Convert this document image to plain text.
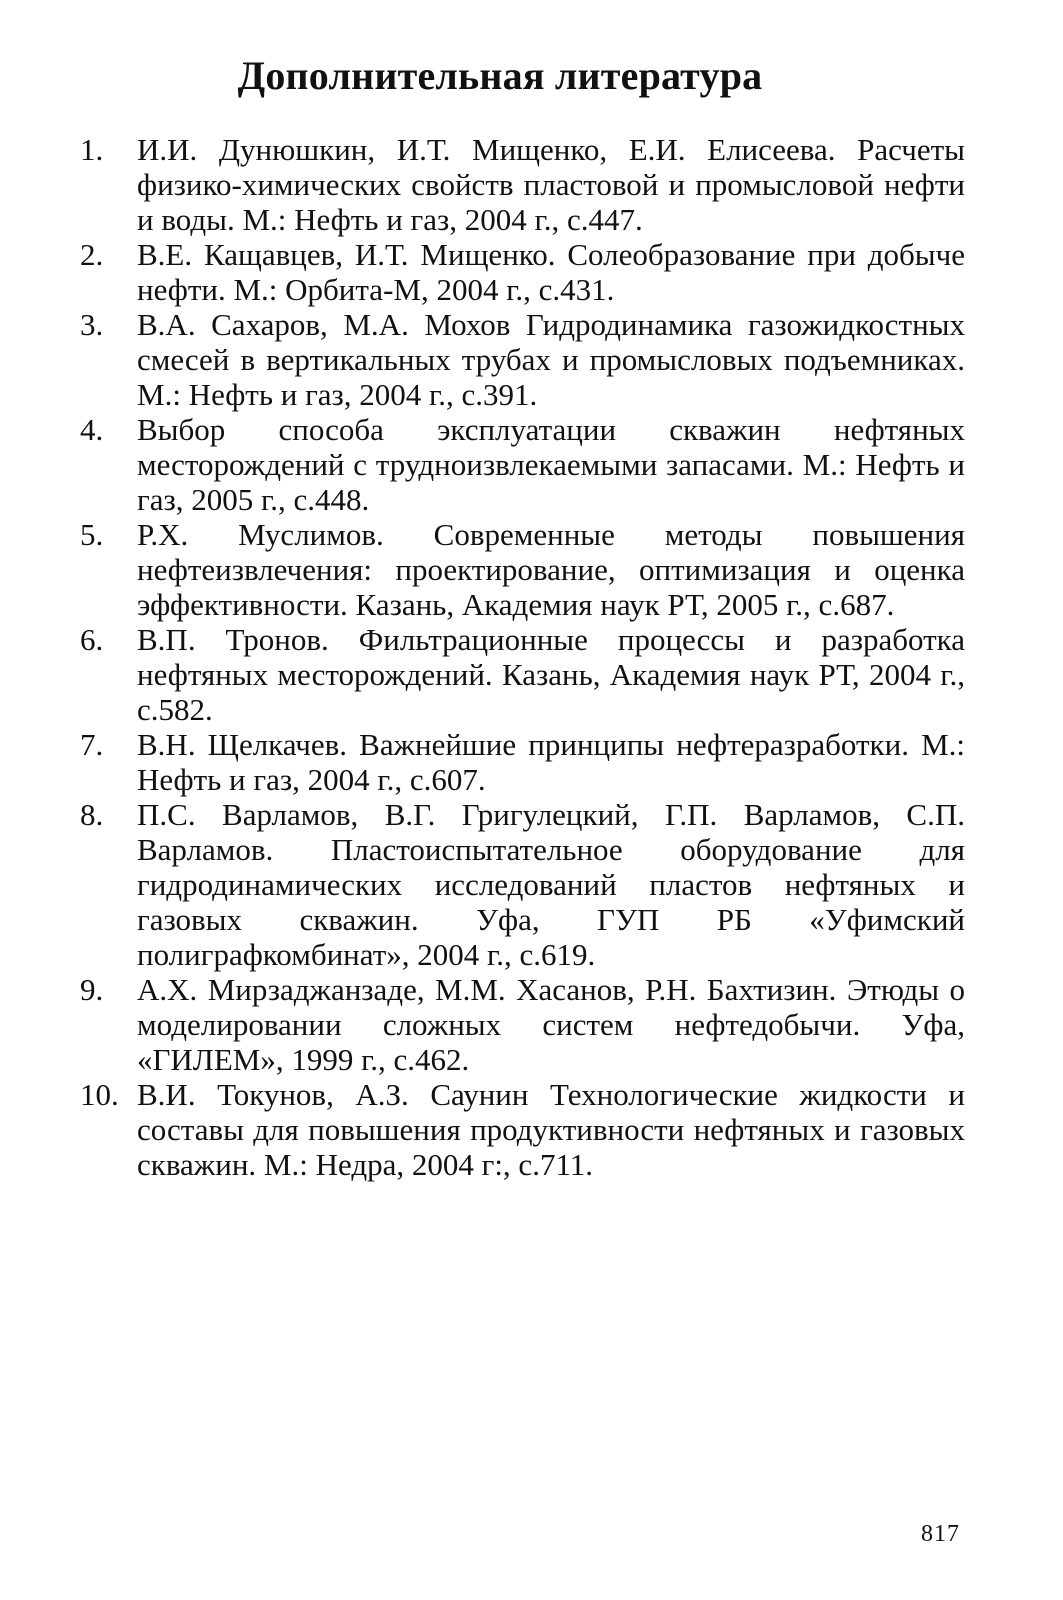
Дополнительная литература
1.	И.И. Дунюшкин, И.Т. Мищенко, Е.И. Елисеева. Расчеты физико-химических свойств пластовой и промысловой нефти и воды. М.: Нефть и газ, 2004 г., с.447.
2.	В.Е. Кащавцев, И.Т. Мищенко. Солеобразование при добыче нефти. М.: Орбита-М, 2004 г., с.431.
3.	В.А. Сахаров, М.А. Мохов Гидродинамика газожидкостных смесей в вертикальных трубах и промысловых подъемниках. М.: Нефть и газ, 2004 г., с.391.
4.	Выбор способа эксплуатации скважин нефтяных месторождений с трудноизвлекаемыми запасами. М.: Нефть и газ, 2005 г., с.448.
5.	Р.Х. Муслимов. Современные методы повышения нефтеизвлечения: проектирование, оптимизация и оценка эффективности. Казань, Академия наук РТ, 2005 г., с.687.
6.	В.П. Тронов. Фильтрационные процессы и разработка нефтяных месторождений. Казань, Академия наук РТ, 2004 г., с.582.
7.	В.Н. Щелкачев. Важнейшие принципы нефтеразработки. М.: Нефть и газ, 2004 г., с.607.
8.	П.С. Варламов, В.Г. Григулецкий, Г.П. Варламов, С.П. Варламов. Пластоиспытательное оборудование для гидродинамических исследований пластов нефтяных и газовых скважин. Уфа, ГУП РБ «Уфимский полиграфкомбинат», 2004 г., с.619.
9.	А.Х. Мирзаджанзаде, М.М. Хасанов, Р.Н. Бахтизин. Этюды о моделировании сложных систем нефтедобычи. Уфа, «ГИЛЕМ», 1999 г., с.462.
10. В.И. Токунов, А.З. Саунин Технологические жидкости и составы для повышения продуктивности нефтяных и газовых скважин. М.: Недра, 2004 г:, с.711.
817
